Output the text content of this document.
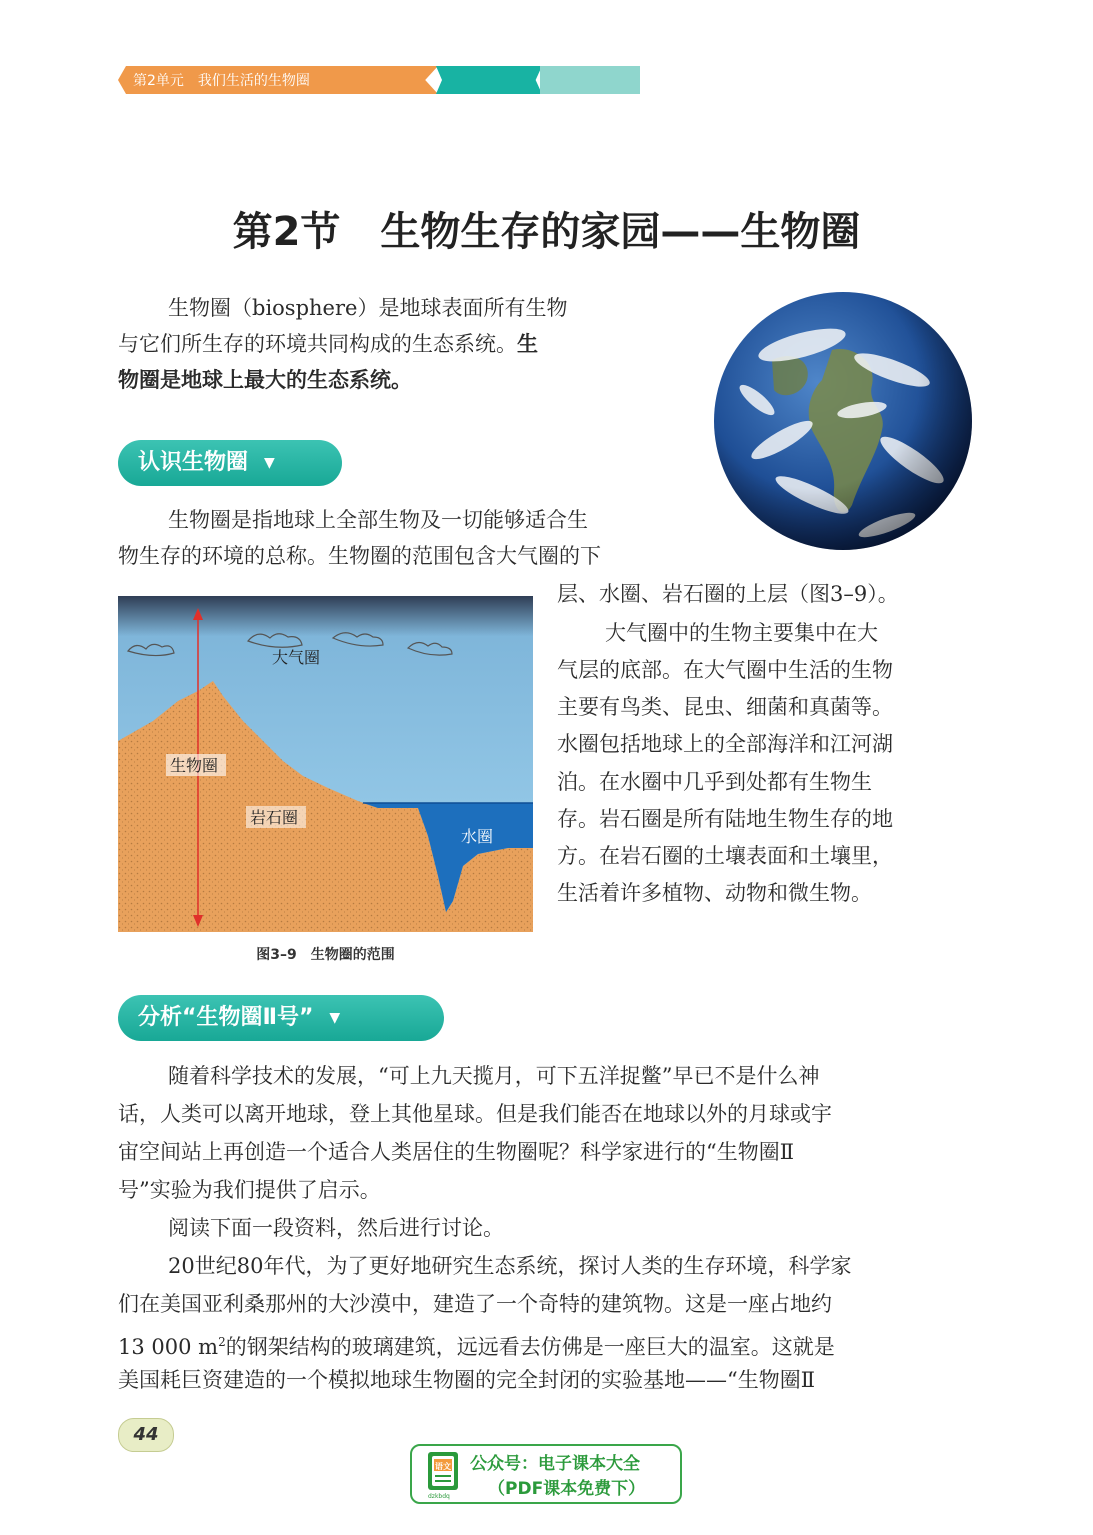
第2单元　我们生活的生物圈
第2节　生物生存的家园——生物圈
生物圈（biosphere）是地球表面所有生物
与它们所生存的环境共同构成的生态系统。生
物圈是地球上最大的生态系统。
认识生物圈 ▼
生物圈是指地球上全部生物及一切能够适合生
物生存的环境的总称。生物圈的范围包含大气圈的下
层、水圈、岩石圈的上层（图3–9）。
大气圈中的生物主要集中在大
气层的底部。在大气圈中生活的生物
主要有鸟类、昆虫、细菌和真菌等。
水圈包括地球上的全部海洋和江河湖
泊。在水圈中几乎到处都有生物生
存。岩石圈是所有陆地生物生存的地
方。在岩石圈的土壤表面和土壤里，
生活着许多植物、动物和微生物。
大气圈
生物圈
岩石圈
水圈
图3–9　生物圈的范围
分析“生物圈Ⅱ号” ▼
随着科学技术的发展，“可上九天揽月，可下五洋捉鳖”早已不是什么神
话，人类可以离开地球，登上其他星球。但是我们能否在地球以外的月球或宇
宙空间站上再创造一个适合人类居住的生物圈呢？科学家进行的“生物圈Ⅱ
号”实验为我们提供了启示。
阅读下面一段资料，然后进行讨论。
20世纪80年代，为了更好地研究生态系统，探讨人类的生存环境，科学家
们在美国亚利桑那州的大沙漠中，建造了一个奇特的建筑物。这是一座占地约
13 000 $m^2$的钢架结构的玻璃建筑，远远看去仿佛是一座巨大的温室。这就是
美国耗巨资建造的一个模拟地球生物圈的完全封闭的实验基地——“生物圈Ⅱ
44
语文
dzkbdq
公众号：电子课本大全
（PDF课本免费下）
